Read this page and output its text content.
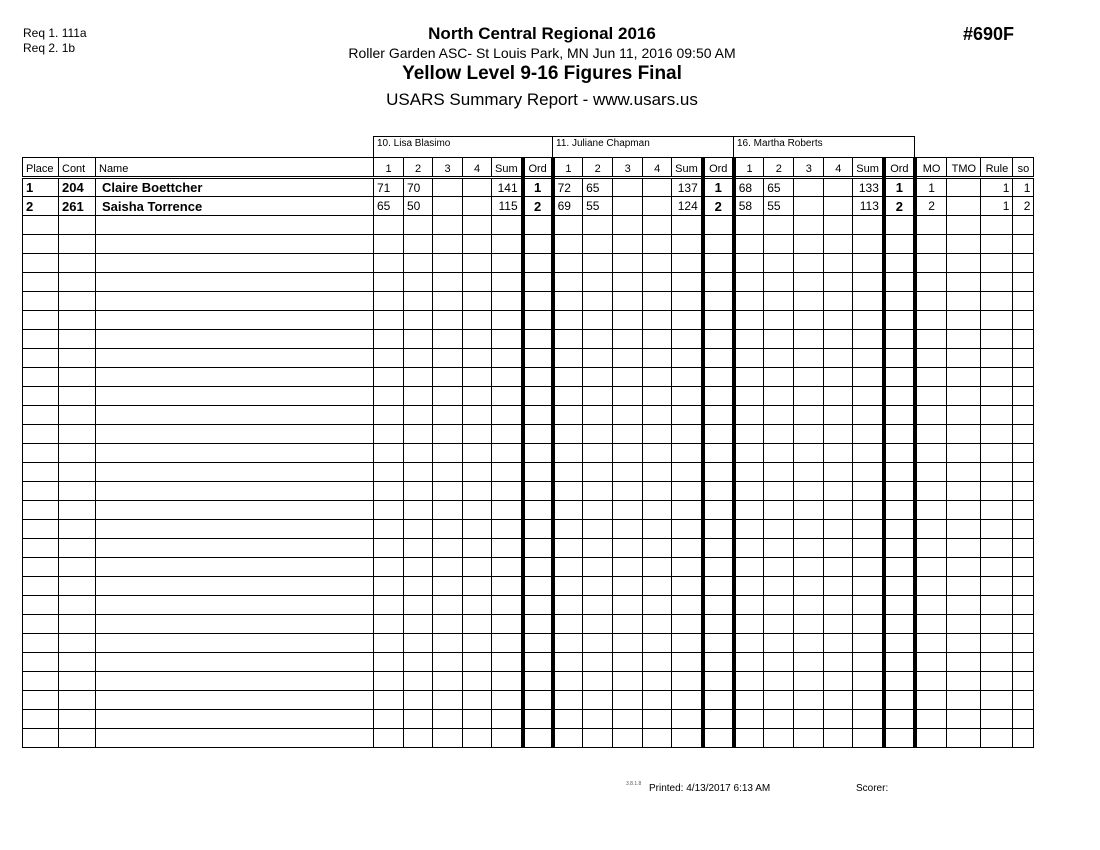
Req 1. 111a
Req 2. 1b
North Central Regional 2016
Roller Garden ASC- St Louis Park, MN Jun 11, 2016 09:50 AM
Yellow Level 9-16 Figures Final
USARS Summary Report - www.usars.us
#690F
10. Lisa Blasimo	11. Juliane Chapman	16. Martha Roberts
Place	Cont	Name	1	2	3	4	Sum	Ord	1	2	3	4	Sum	Ord	1	2	3	4	Sum	Ord	MO	TMO	Rule	so
1	204	Claire Boettcher	71	70			141	1	72	65			137	1	68	65			133	1	1		1	1
2	261	Saisha Torrence	65	50			115	2	69	55			124	2	58	55			113	2	2		1	2

3.8.1.8 Printed: 4/13/2017 6:13 AM	Scorer:
